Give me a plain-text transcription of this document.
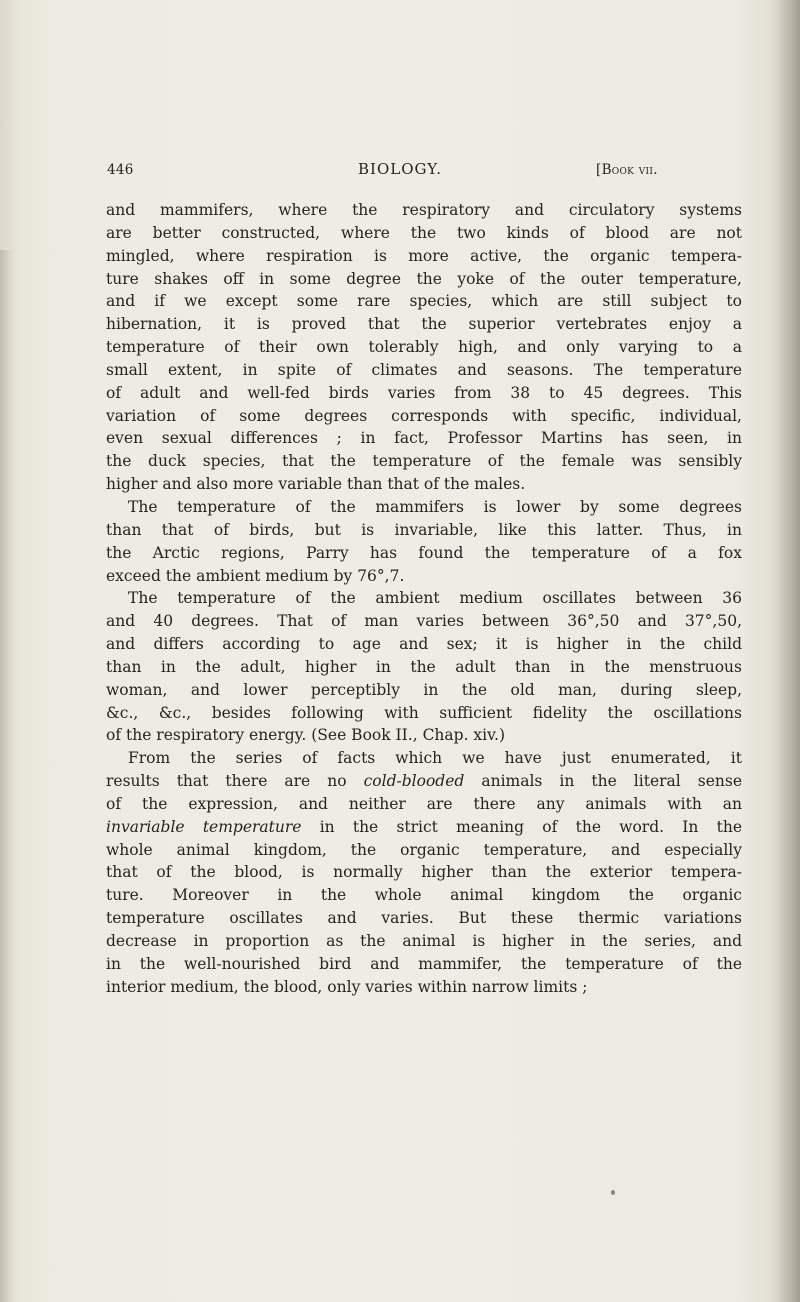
446	BIOLOGY.	[Book vii.
and mammifers, where the respiratory and circulatory systems
are better constructed, where the two kinds of blood are not
mingled, where respiration is more active, the organic tempera-
ture shakes off in some degree the yoke of the outer temperature,
and if we except some rare species, which are still subject to
hibernation, it is proved that the superior vertebrates enjoy a
temperature of their own tolerably high, and only varying to a
small extent, in spite of climates and seasons. The temperature
of adult and well-fed birds varies from 38 to 45 degrees. This
variation of some degrees corresponds with specific, individual,
even sexual differences ; in fact, Professor Martins has seen, in
the duck species, that the temperature of the female was sensibly
higher and also more variable than that of the males.
The temperature of the mammifers is lower by some degrees
than that of birds, but is invariable, like this latter. Thus, in
the Arctic regions, Parry has found the temperature of a fox
exceed the ambient medium by 76°,7.
The temperature of the ambient medium oscillates between 36
and 40 degrees. That of man varies between 36°,50 and 37°,50,
and differs according to age and sex; it is higher in the child
than in the adult, higher in the adult than in the menstruous
woman, and lower perceptibly in the old man, during sleep,
&c., &c., besides following with sufficient fidelity the oscillations
of the respiratory energy. (See Book II., Chap. xiv.)
From the series of facts which we have just enumerated, it
results that there are no cold-blooded animals in the literal sense
of the expression, and neither are there any animals with an
invariable temperature in the strict meaning of the word. In the
whole animal kingdom, the organic temperature, and especially
that of the blood, is normally higher than the exterior tempera-
ture. Moreover in the whole animal kingdom the organic
temperature oscillates and varies. But these thermic variations
decrease in proportion as the animal is higher in the series, and
in the well-nourished bird and mammifer, the temperature of the
interior medium, the blood, only varies within narrow limits ;
